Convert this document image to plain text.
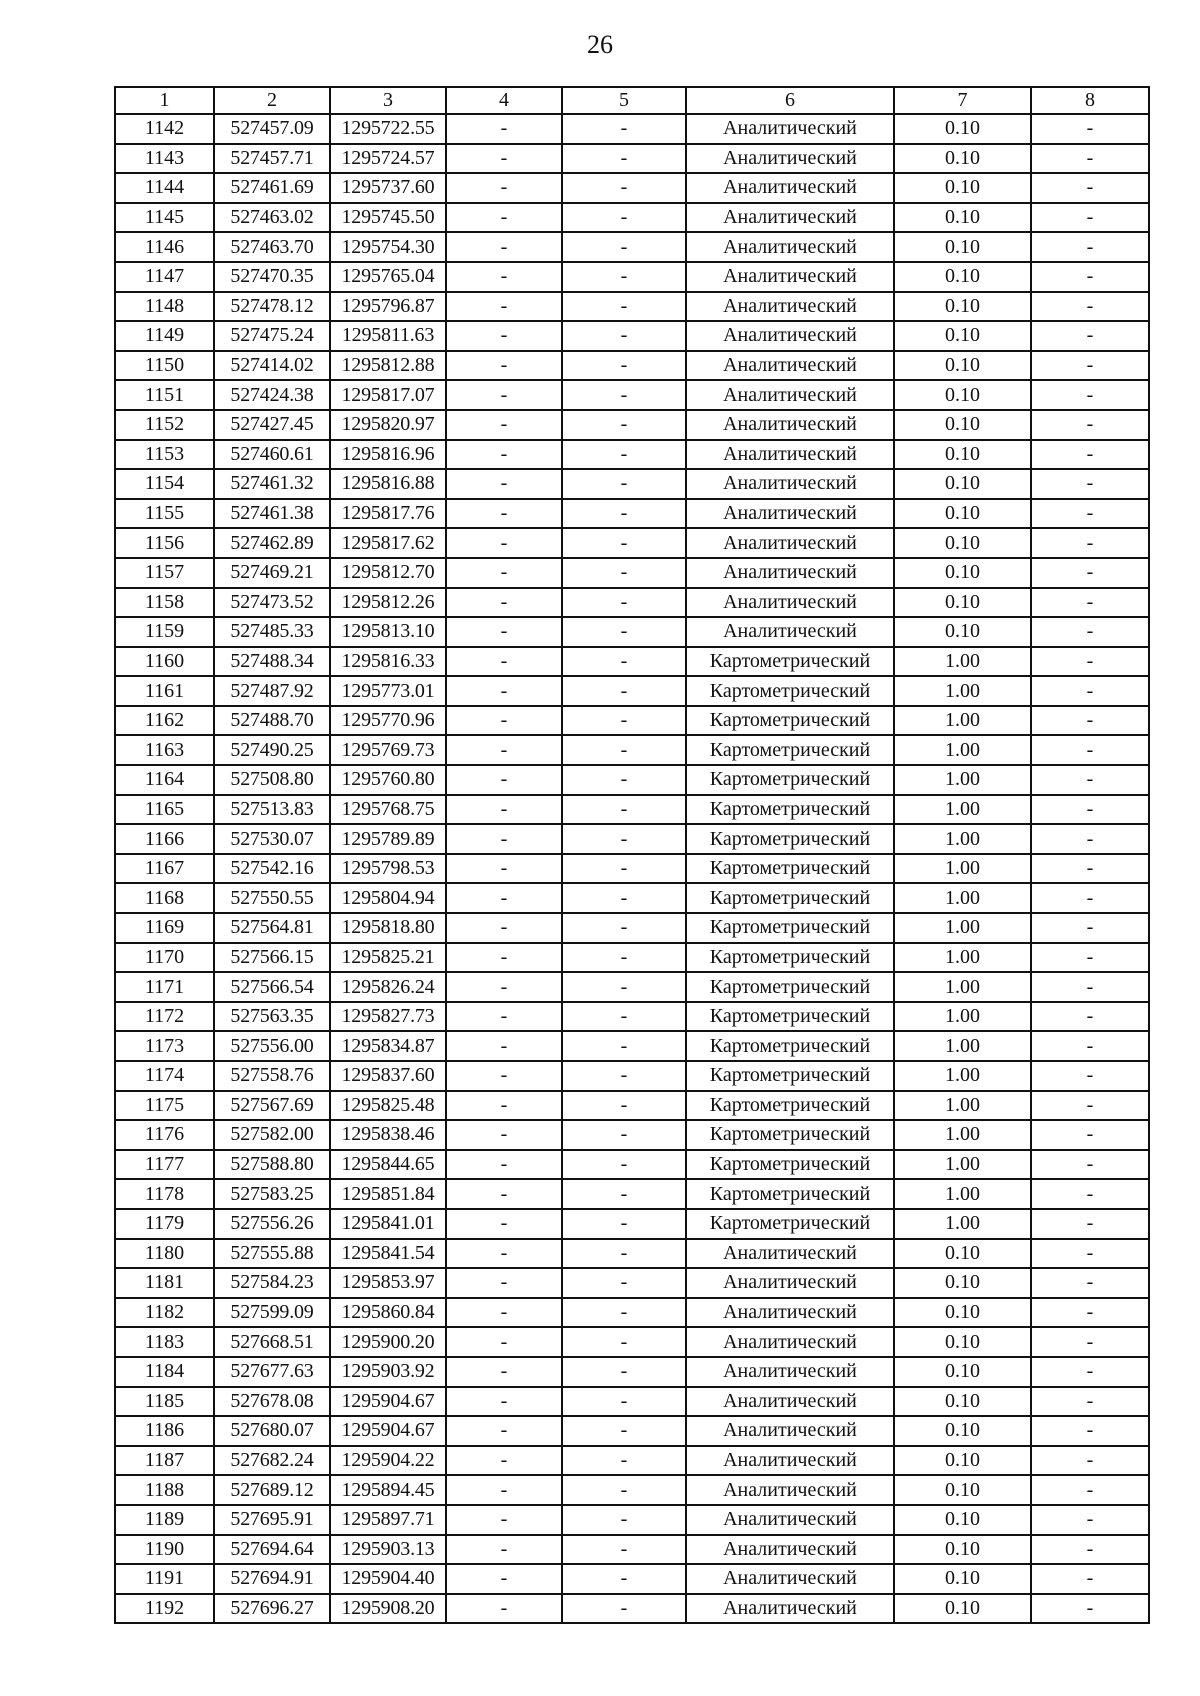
26
1	2	3	4	5	6	7	8
1142	527457.09	1295722.55	-	-	Аналитический	0.10	-
1143	527457.71	1295724.57	-	-	Аналитический	0.10	-
1144	527461.69	1295737.60	-	-	Аналитический	0.10	-
1145	527463.02	1295745.50	-	-	Аналитический	0.10	-
1146	527463.70	1295754.30	-	-	Аналитический	0.10	-
1147	527470.35	1295765.04	-	-	Аналитический	0.10	-
1148	527478.12	1295796.87	-	-	Аналитический	0.10	-
1149	527475.24	1295811.63	-	-	Аналитический	0.10	-
1150	527414.02	1295812.88	-	-	Аналитический	0.10	-
1151	527424.38	1295817.07	-	-	Аналитический	0.10	-
1152	527427.45	1295820.97	-	-	Аналитический	0.10	-
1153	527460.61	1295816.96	-	-	Аналитический	0.10	-
1154	527461.32	1295816.88	-	-	Аналитический	0.10	-
1155	527461.38	1295817.76	-	-	Аналитический	0.10	-
1156	527462.89	1295817.62	-	-	Аналитический	0.10	-
1157	527469.21	1295812.70	-	-	Аналитический	0.10	-
1158	527473.52	1295812.26	-	-	Аналитический	0.10	-
1159	527485.33	1295813.10	-	-	Аналитический	0.10	-
1160	527488.34	1295816.33	-	-	Картометрический	1.00	-
1161	527487.92	1295773.01	-	-	Картометрический	1.00	-
1162	527488.70	1295770.96	-	-	Картометрический	1.00	-
1163	527490.25	1295769.73	-	-	Картометрический	1.00	-
1164	527508.80	1295760.80	-	-	Картометрический	1.00	-
1165	527513.83	1295768.75	-	-	Картометрический	1.00	-
1166	527530.07	1295789.89	-	-	Картометрический	1.00	-
1167	527542.16	1295798.53	-	-	Картометрический	1.00	-
1168	527550.55	1295804.94	-	-	Картометрический	1.00	-
1169	527564.81	1295818.80	-	-	Картометрический	1.00	-
1170	527566.15	1295825.21	-	-	Картометрический	1.00	-
1171	527566.54	1295826.24	-	-	Картометрический	1.00	-
1172	527563.35	1295827.73	-	-	Картометрический	1.00	-
1173	527556.00	1295834.87	-	-	Картометрический	1.00	-
1174	527558.76	1295837.60	-	-	Картометрический	1.00	-
1175	527567.69	1295825.48	-	-	Картометрический	1.00	-
1176	527582.00	1295838.46	-	-	Картометрический	1.00	-
1177	527588.80	1295844.65	-	-	Картометрический	1.00	-
1178	527583.25	1295851.84	-	-	Картометрический	1.00	-
1179	527556.26	1295841.01	-	-	Картометрический	1.00	-
1180	527555.88	1295841.54	-	-	Аналитический	0.10	-
1181	527584.23	1295853.97	-	-	Аналитический	0.10	-
1182	527599.09	1295860.84	-	-	Аналитический	0.10	-
1183	527668.51	1295900.20	-	-	Аналитический	0.10	-
1184	527677.63	1295903.92	-	-	Аналитический	0.10	-
1185	527678.08	1295904.67	-	-	Аналитический	0.10	-
1186	527680.07	1295904.67	-	-	Аналитический	0.10	-
1187	527682.24	1295904.22	-	-	Аналитический	0.10	-
1188	527689.12	1295894.45	-	-	Аналитический	0.10	-
1189	527695.91	1295897.71	-	-	Аналитический	0.10	-
1190	527694.64	1295903.13	-	-	Аналитический	0.10	-
1191	527694.91	1295904.40	-	-	Аналитический	0.10	-
1192	527696.27	1295908.20	-	-	Аналитический	0.10	-
